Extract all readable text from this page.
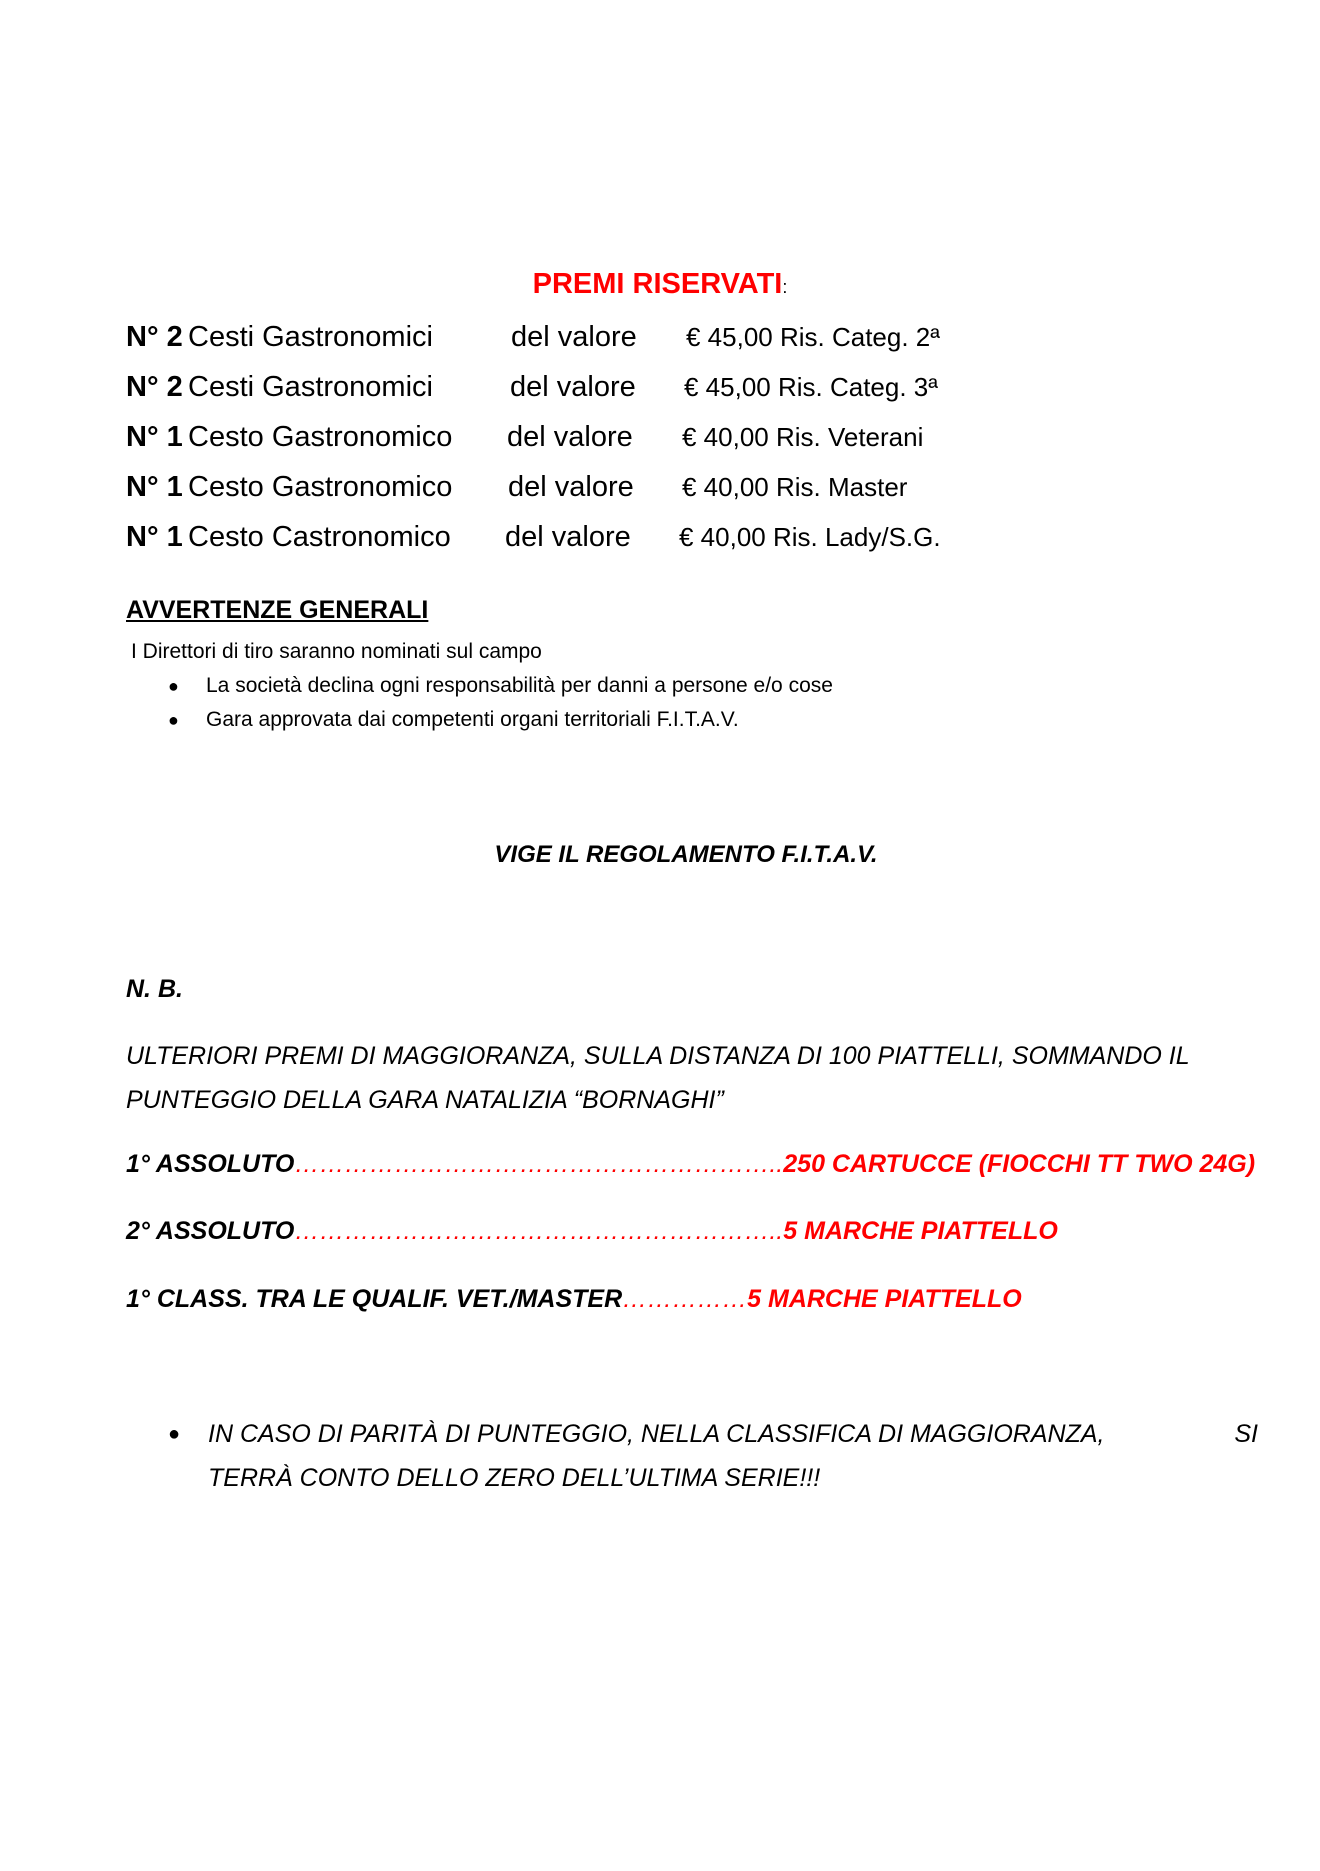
PREMI RISERVATI:
N° 2 Cesti Gastronomici	del valore € 45,00 Ris. Categ. 2ª
N° 2 Cesti Gastronomici	del valore € 45,00 Ris. Categ. 3ª
N° 1 Cesto Gastronomico del valore € 40,00 Ris. Veterani
N° 1 Cesto Gastronomico del valore € 40,00 Ris. Master
N° 1 Cesto Castronomico del valore € 40,00 Ris. Lady/S.G.
AVVERTENZE GENERALI
I Direttori di tiro saranno nominati sul campo
● La società declina ogni responsabilità per danni a persone e/o cose
● Gara approvata dai competenti organi territoriali F.I.T.A.V.
VIGE IL REGOLAMENTO F.I.T.A.V.
N. B.
ULTERIORI PREMI DI MAGGIORANZA, SULLA DISTANZA DI 100 PIATTELLI, SOMMANDO IL PUNTEGGIO DELLA GARA NATALIZIA “BORNAGHI”
1° ASSOLUTO…………………………………………………..250 CARTUCCE (FIOCCHI TT TWO 24G)
2° ASSOLUTO…………………………………………………..5 MARCHE PIATTELLO
1° CLASS. TRA LE QUALIF. VET./MASTER……………5 MARCHE PIATTELLO
● IN CASO DI PARITÀ DI PUNTEGGIO, NELLA CLASSIFICA DI MAGGIORANZA,	SI
TERRÀ CONTO DELLO ZERO DELL’ULTIMA SERIE!!!
